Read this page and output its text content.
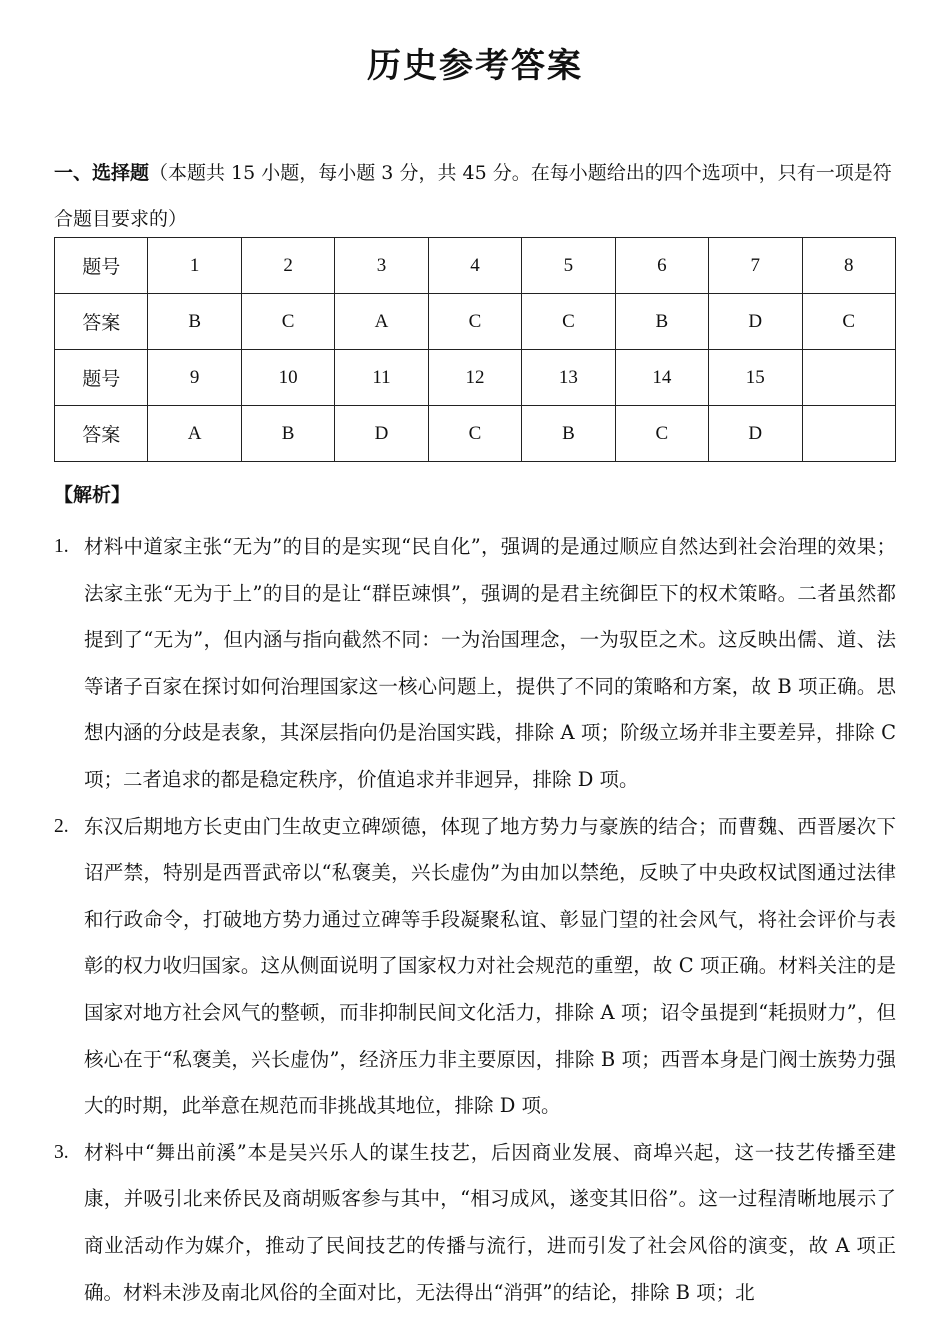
历史参考答案
一、选择题（本题共 15 小题，每小题 3 分，共 45 分。在每小题给出的四个选项中，只有一项是符合题目要求的）
题号	1	2	3	4	5	6	7	8
答案	B	C	A	C	C	B	D	C
题号	9	10	11	12	13	14	15	
答案	A	B	D	C	B	C	D	
【解析】
1. 材料中道家主张“无为”的目的是实现“民自化”，强调的是通过顺应自然达到社会治理的效果；法家主张“无为于上”的目的是让“群臣竦惧”，强调的是君主统御臣下的权术策略。二者虽然都提到了“无为”，但内涵与指向截然不同：一为治国理念，一为驭臣之术。这反映出儒、道、法等诸子百家在探讨如何治理国家这一核心问题上，提供了不同的策略和方案，故 B 项正确。思想内涵的分歧是表象，其深层指向仍是治国实践，排除 A 项；阶级立场并非主要差异，排除 C 项；二者追求的都是稳定秩序，价值追求并非迥异，排除 D 项。
2. 东汉后期地方长吏由门生故吏立碑颂德，体现了地方势力与豪族的结合；而曹魏、西晋屡次下诏严禁，特别是西晋武帝以“私褒美，兴长虚伪”为由加以禁绝，反映了中央政权试图通过法律和行政命令，打破地方势力通过立碑等手段凝聚私谊、彰显门望的社会风气，将社会评价与表彰的权力收归国家。这从侧面说明了国家权力对社会规范的重塑，故 C 项正确。材料关注的是国家对地方社会风气的整顿，而非抑制民间文化活力，排除 A 项；诏令虽提到“耗损财力”，但核心在于“私褒美，兴长虚伪”，经济压力非主要原因，排除 B 项；西晋本身是门阀士族势力强大的时期，此举意在规范而非挑战其地位，排除 D 项。
3. 材料中“舞出前溪”本是吴兴乐人的谋生技艺，后因商业发展、商埠兴起，这一技艺传播至建康，并吸引北来侨民及商胡贩客参与其中，“相习成风，遂变其旧俗”。这一过程清晰地展示了商业活动作为媒介，推动了民间技艺的传播与流行，进而引发了社会风俗的演变，故 A 项正确。材料未涉及南北风俗的全面对比，无法得出“消弭”的结论，排除 B 项；北
